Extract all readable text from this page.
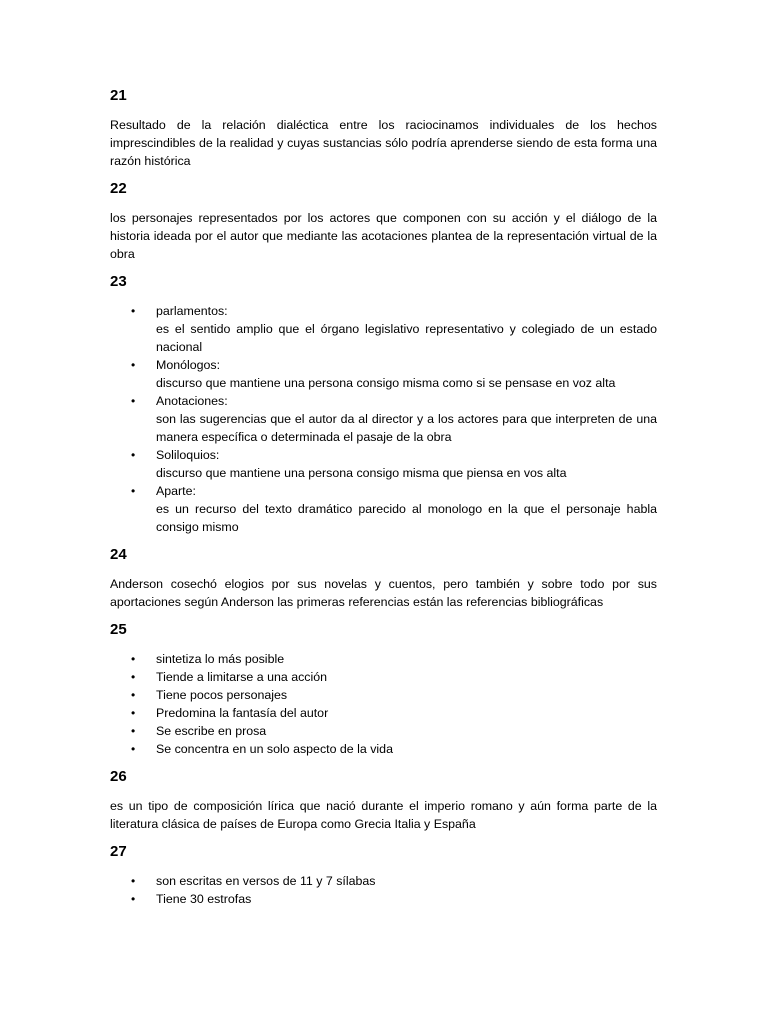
21

Resultado de la relación dialéctica entre los raciocinamos individuales de los hechos imprescindibles de la realidad y cuyas sustancias sólo podría aprenderse siendo de esta forma una razón histórica

22

los personajes representados por los actores que componen con su acción y el diálogo de la historia ideada por el autor que mediante las acotaciones plantea de la representación virtual de la obra

23
• parlamentos:
es el sentido amplio que el órgano legislativo representativo y colegiado de un estado nacional
• Monólogos:
discurso que mantiene una persona consigo misma como si se pensase en voz alta
• Anotaciones:
son las sugerencias que el autor da al director y a los actores para que interpreten de una manera específica o determinada el pasaje de la obra
• Soliloquios:
discurso que mantiene una persona consigo misma que piensa en vos alta
• Aparte:
es un recurso del texto dramático parecido al monologo en la que el personaje habla consigo mismo
24

Anderson cosechó elogios por sus novelas y cuentos, pero también y sobre todo por sus aportaciones según Anderson las primeras referencias están las referencias bibliográficas

25
• sintetiza lo más posible
• Tiende a limitarse a una acción
• Tiene pocos personajes
• Predomina la fantasía del autor
• Se escribe en prosa
• Se concentra en un solo aspecto de la vida
26

es un tipo de composición lírica que nació durante el imperio romano y aún forma parte de la literatura clásica de países de Europa como Grecia Italia y España

27
• son escritas en versos de 11 y 7 sílabas
• Tiene 30 estrofas
